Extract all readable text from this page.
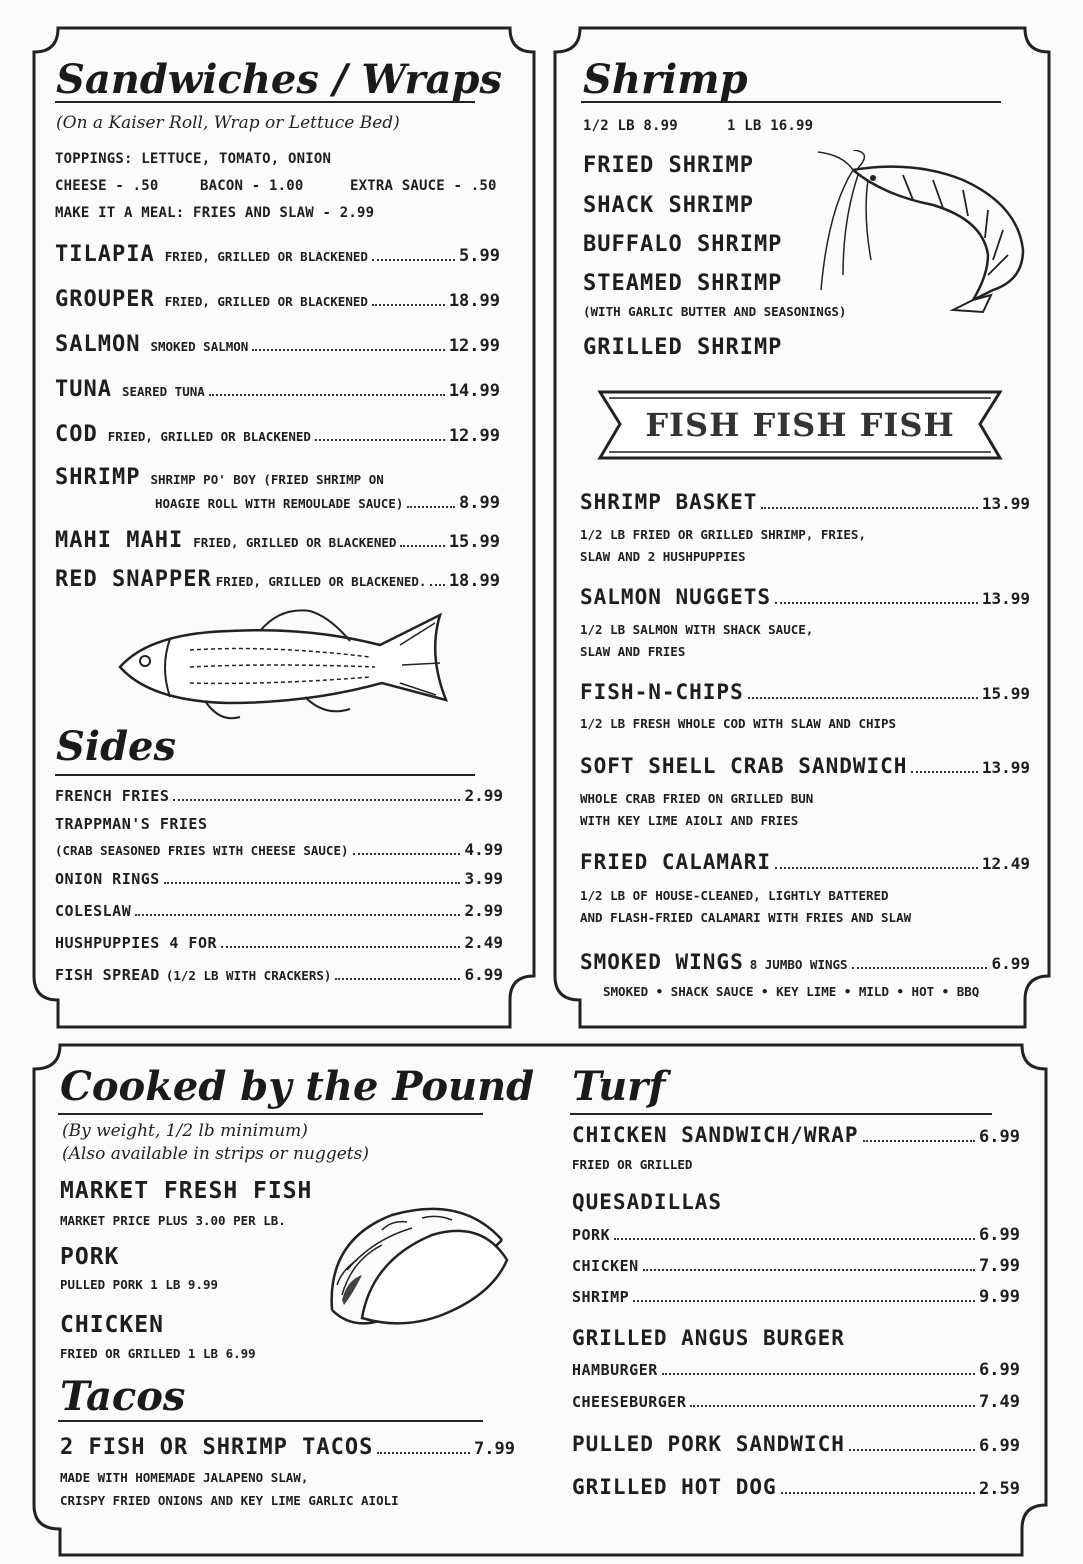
Sandwiches / Wraps
(On a Kaiser Roll, Wrap or Lettuce Bed)
TOPPINGS: LETTUCE, TOMATO, ONION
CHEESE - .50	BACON - 1.00	EXTRA SAUCE - .50
MAKE IT A MEAL: FRIES AND SLAW - 2.99
TILAPIA FRIED, GRILLED OR BLACKENED	5.99
GROUPER FRIED, GRILLED OR BLACKENED	18.99
SALMON SMOKED SALMON	12.99
TUNA SEARED TUNA	14.99
COD FRIED, GRILLED OR BLACKENED	12.99
SHRIMP SHRIMP PO' BOY (FRIED SHRIMP ON
HOAGIE ROLL WITH REMOULADE SAUCE)	8.99
MAHI MAHI FRIED, GRILLED OR BLACKENED	15.99
RED SNAPPER FRIED, GRILLED OR BLACKENED. 18.99
Sides
FRENCH FRIES	2.99
TRAPPMAN'S FRIES
(CRAB SEASONED FRIES WITH CHEESE SAUCE)	4.99
ONION RINGS	3.99
COLESLAW	2.99
HUSHPUPPIES 4 FOR	2.49
FISH SPREAD (1/2 LB WITH CRACKERS)	6.99
Shrimp
1/2 LB 8.99	1 LB 16.99
FRIED SHRIMP
SHACK SHRIMP
BUFFALO SHRIMP
STEAMED SHRIMP
(WITH GARLIC BUTTER AND SEASONINGS)
GRILLED SHRIMP
FISH FISH FISH
SHRIMP BASKET	13.99
1/2 LB FRIED OR GRILLED SHRIMP, FRIES,
SLAW AND 2 HUSHPUPPIES
SALMON NUGGETS	13.99
1/2 LB SALMON WITH SHACK SAUCE,
SLAW AND FRIES
FISH-N-CHIPS	15.99
1/2 LB FRESH WHOLE COD WITH SLAW AND CHIPS
SOFT SHELL CRAB SANDWICH	13.99
WHOLE CRAB FRIED ON GRILLED BUN
WITH KEY LIME AIOLI AND FRIES
FRIED CALAMARI	12.49
1/2 LB OF HOUSE-CLEANED, LIGHTLY BATTERED
AND FLASH-FRIED CALAMARI WITH FRIES AND SLAW
SMOKED WINGS 8 JUMBO WINGS	6.99
SMOKED • SHACK SAUCE • KEY LIME • MILD • HOT • BBQ
Cooked by the Pound
(By weight, 1/2 lb minimum)
(Also available in strips or nuggets)
MARKET FRESH FISH
MARKET PRICE PLUS 3.00 PER LB.
PORK
PULLED PORK 1 LB 9.99
CHICKEN
FRIED OR GRILLED 1 LB 6.99
Tacos
2 FISH OR SHRIMP TACOS	7.99
MADE WITH HOMEMADE JALAPENO SLAW,
CRISPY FRIED ONIONS AND KEY LIME GARLIC AIOLI
Turf
CHICKEN SANDWICH/WRAP	6.99
FRIED OR GRILLED
QUESADILLAS
PORK	6.99
CHICKEN	7.99
SHRIMP	9.99
GRILLED ANGUS BURGER
HAMBURGER	6.99
CHEESEBURGER	7.49
PULLED PORK SANDWICH	6.99
GRILLED HOT DOG	2.59
